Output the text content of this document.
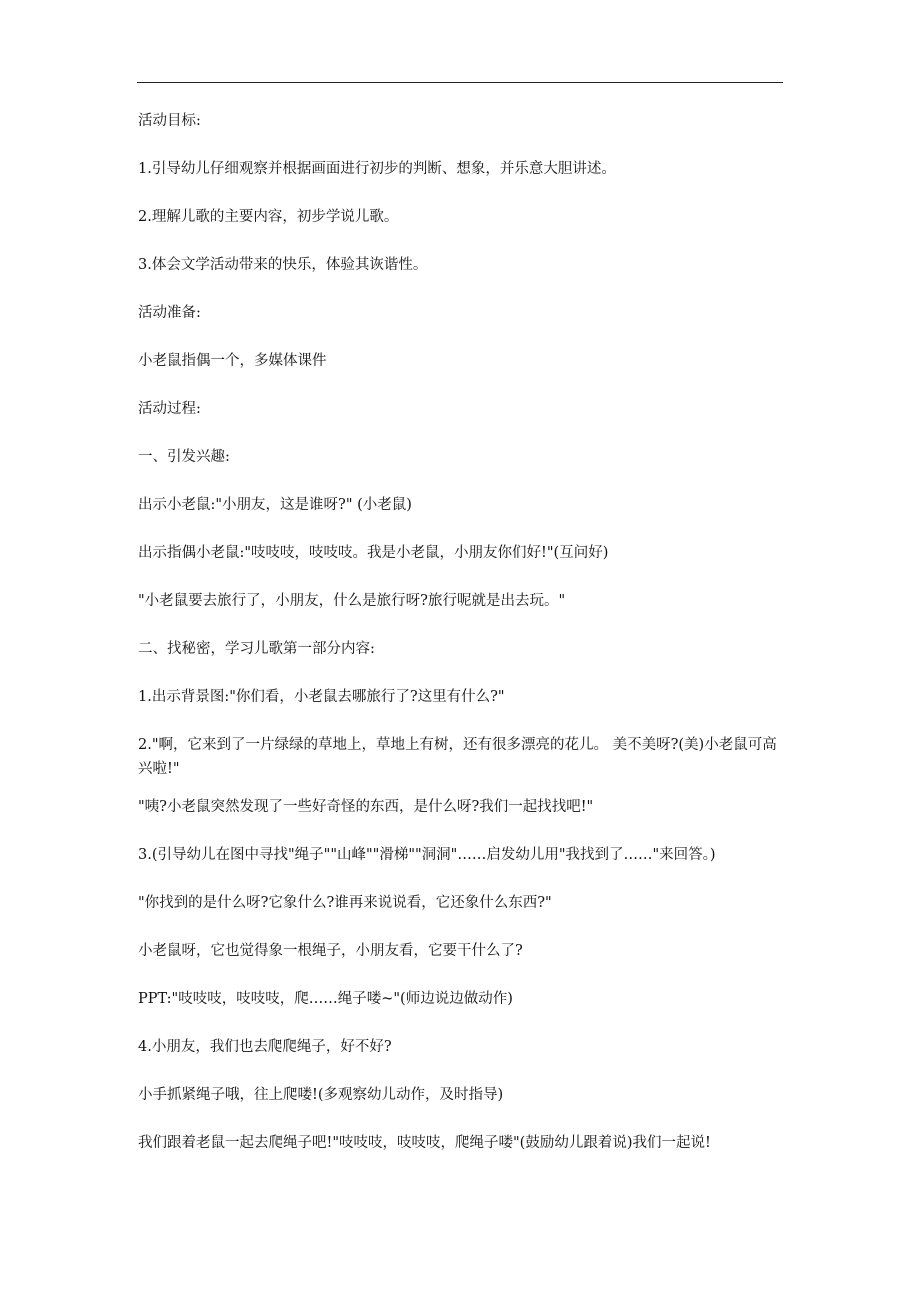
活动目标:

1.引导幼儿仔细观察并根据画面进行初步的判断、想象，并乐意大胆讲述。

2.理解儿歌的主要内容，初步学说儿歌。

3.体会文学活动带来的快乐，体验其诙谐性。

活动准备:

小老鼠指偶一个，多媒体课件

活动过程:

一、引发兴趣:

出示小老鼠:"小朋友，这是谁呀?" (小老鼠)

出示指偶小老鼠:"吱吱吱，吱吱吱。我是小老鼠，小朋友你们好!"(互问好)

"小老鼠要去旅行了，小朋友，什么是旅行呀?旅行呢就是出去玩。"

二、找秘密，学习儿歌第一部分内容:

1.出示背景图:"你们看，小老鼠去哪旅行了?这里有什么?"

2."啊，它来到了一片绿绿的草地上，草地上有树，还有很多漂亮的花儿。 美不美呀?(美)小老鼠可高兴啦!"

"咦?小老鼠突然发现了一些好奇怪的东西，是什么呀?我们一起找找吧!"

3.(引导幼儿在图中寻找"绳子""山峰""滑梯""洞洞"……启发幼儿用"我找到了……"来回答。)

"你找到的是什么呀?它象什么?谁再来说说看，它还象什么东西?"

小老鼠呀，它也觉得象一根绳子，小朋友看，它要干什么了?

PPT:"吱吱吱，吱吱吱，爬……绳子喽~"(师边说边做动作)

4.小朋友，我们也去爬爬绳子，好不好?

小手抓紧绳子哦，往上爬喽!(多观察幼儿动作，及时指导)

我们跟着老鼠一起去爬绳子吧!"吱吱吱，吱吱吱，爬绳子喽"(鼓励幼儿跟着说)我们一起说!
